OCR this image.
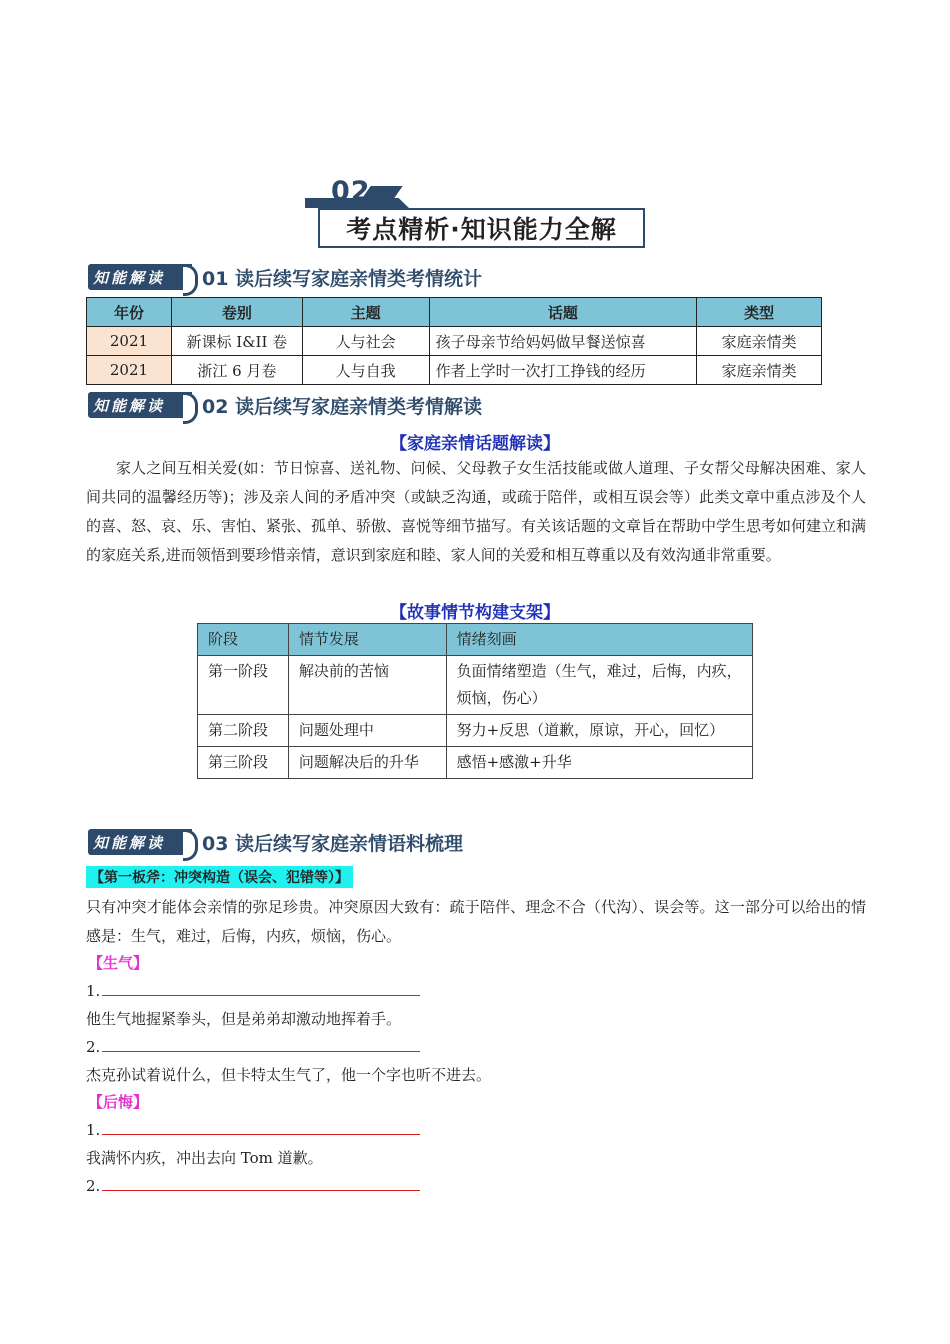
02
考点精析·知识能力全解
知能解读	01 读后续写家庭亲情类考情统计
年份	卷别	主题	话题	类型
2021	新课标 I&II 卷	人与社会	孩子母亲节给妈妈做早餐送惊喜	家庭亲情类
2021	浙江 6 月卷	人与自我	作者上学时一次打工挣钱的经历	家庭亲情类
知能解读	02 读后续写家庭亲情类考情解读
【家庭亲情话题解读】
家人之间互相关爱(如：节日惊喜、送礼物、问候、父母教子女生活技能或做人道理、子女帮父母解决困难、家人间共同的温馨经历等)；涉及亲人间的矛盾冲突（或缺乏沟通，或疏于陪伴，或相互误会等）此类文章中重点涉及个人的喜、怒、哀、乐、害怕、紧张、孤单、骄傲、喜悦等细节描写。有关该话题的文章旨在帮助中学生思考如何建立和满的家庭关系,进而领悟到要珍惜亲情，意识到家庭和睦、家人间的关爱和相互尊重以及有效沟通非常重要。
【故事情节构建支架】
阶段	情节发展	情绪刻画
第一阶段	解决前的苦恼	负面情绪塑造（生气，难过，后悔，内疚，烦恼，伤心）
第二阶段	问题处理中	努力+反思（道歉，原谅，开心，回忆）
第三阶段	问题解决后的升华	感悟+感激+升华
知能解读	03 读后续写家庭亲情语料梳理
【第一板斧：冲突构造（误会、犯错等）】
只有冲突才能体会亲情的弥足珍贵。冲突原因大致有：疏于陪伴、理念不合（代沟）、误会等。这一部分可以给出的情感是：生气，难过，后悔，内疚，烦恼，伤心。
【生气】
1.
他生气地握紧拳头，但是弟弟却激动地挥着手。
2.
杰克孙试着说什么，但卡特太生气了，他一个字也听不进去。
【后悔】
1.
我满怀内疚，冲出去向 Tom 道歉。
2.
